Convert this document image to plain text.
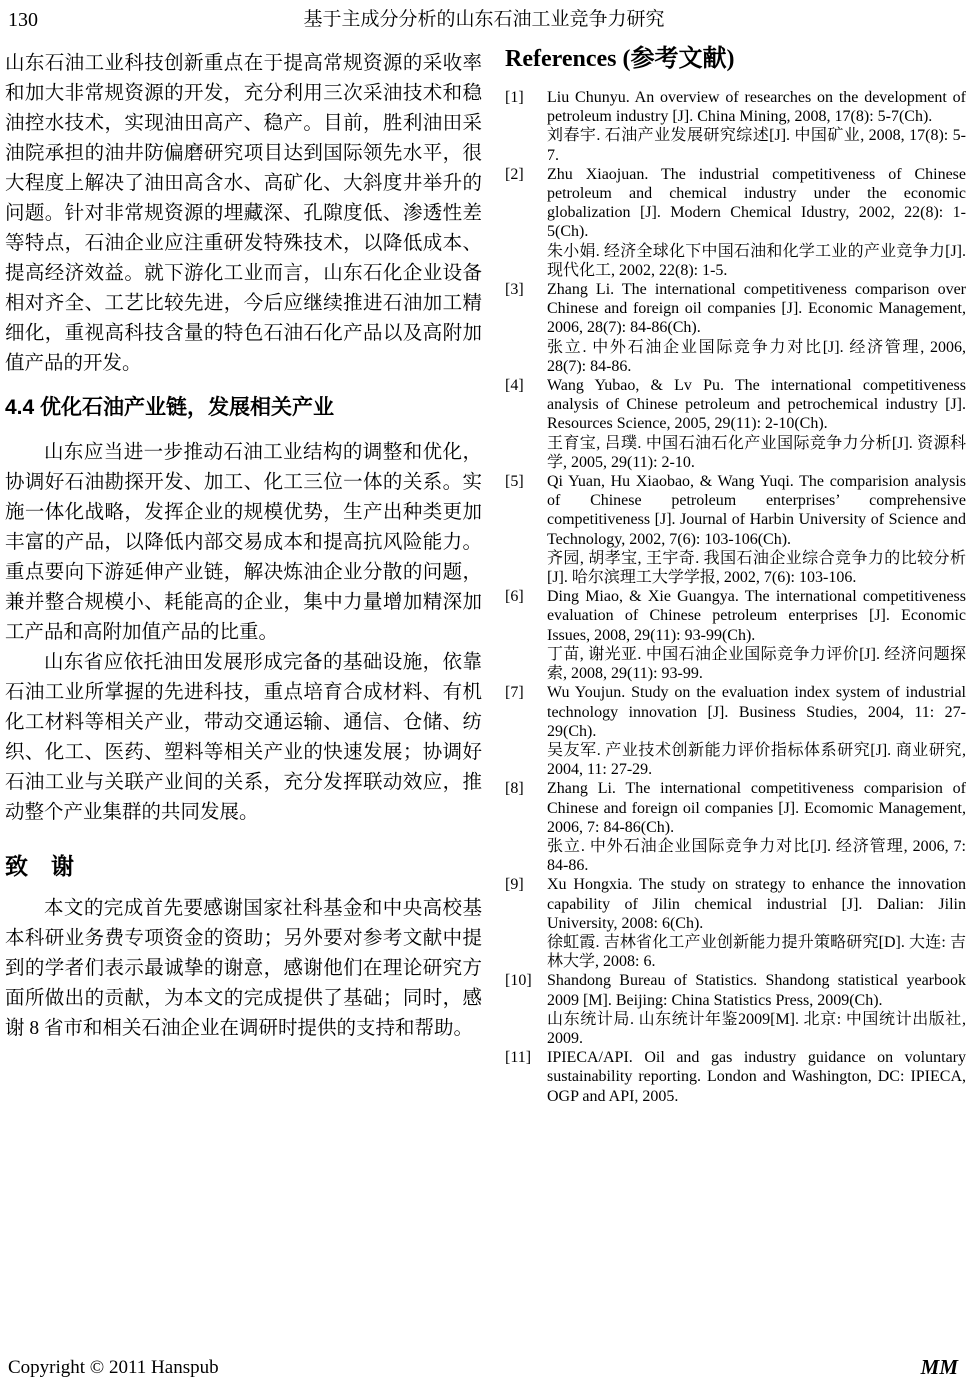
130	基于主成分分析的山东石油工业竞争力研究

山东石油工业科技创新重点在于提高常规资源的采收率和加大非常规资源的开发，充分利用三次采油技术和稳油控水技术，实现油田高产、稳产。目前，胜利油田采油院承担的油井防偏磨研究项目达到国际领先水平，很大程度上解决了油田高含水、高矿化、大斜度井举升的问题。针对非常规资源的埋藏深、孔隙度低、渗透性差等特点，石油企业应注重研发特殊技术，以降低成本、提高经济效益。就下游化工业而言，山东石化企业设备相对齐全、工艺比较先进，今后应继续推进石油加工精细化，重视高科技含量的特色石油石化产品以及高附加值产品的开发。

4.4 优化石油产业链，发展相关产业

山东应当进一步推动石油工业结构的调整和优化，协调好石油勘探开发、加工、化工三位一体的关系。实施一体化战略，发挥企业的规模优势，生产出种类更加丰富的产品，以降低内部交易成本和提高抗风险能力。重点要向下游延伸产业链，解决炼油企业分散的问题，兼并整合规模小、耗能高的企业，集中力量增加精深加工产品和高附加值产品的比重。

山东省应依托油田发展形成完备的基础设施，依靠石油工业所掌握的先进科技，重点培育合成材料、有机化工材料等相关产业，带动交通运输、通信、仓储、纺织、化工、医药、塑料等相关产业的快速发展；协调好石油工业与关联产业间的关系，充分发挥联动效应，推动整个产业集群的共同发展。

致　谢

本文的完成首先要感谢国家社科基金和中央高校基本科研业务费专项资金的资助；另外要对参考文献中提到的学者们表示最诚挚的谢意，感谢他们在理论研究方面所做出的贡献，为本文的完成提供了基础；同时，感谢 8 省市和相关石油企业在调研时提供的支持和帮助。

References (参考文献)
[1]	Liu Chunyu. An overview of researches on the development of petroleum industry [J]. China Mining, 2008, 17(8): 5-7(Ch).
刘春宇. 石油产业发展研究综述[J]. 中国矿业, 2008, 17(8): 5-7.
[2]	Zhu Xiaojuan. The industrial competitiveness of Chinese petroleum and chemical industry under the economic globalization [J]. Modern Chemical Idustry, 2002, 22(8): 1-5(Ch).
朱小娟. 经济全球化下中国石油和化学工业的产业竞争力[J]. 现代化工, 2002, 22(8): 1-5.
[3]	Zhang Li. The international competitiveness comparison over Chinese and foreign oil companies [J]. Economic Management, 2006, 28(7): 84-86(Ch).
张立. 中外石油企业国际竞争力对比[J]. 经济管理, 2006, 28(7): 84-86.
[4]	Wang Yubao, & Lv Pu. The international competitiveness analysis of Chinese petroleum and petrochemical industry [J]. Resources Science, 2005, 29(11): 2-10(Ch).
王育宝, 吕璞. 中国石油石化产业国际竞争力分析[J]. 资源科学, 2005, 29(11): 2-10.
[5]	Qi Yuan, Hu Xiaobao, & Wang Yuqi. The comparision analysis of Chinese petroleum enterprises’ comprehensive competitiveness [J]. Journal of Harbin University of Science and Technology, 2002, 7(6): 103-106(Ch).
齐园, 胡孝宝, 王宇奇. 我国石油企业综合竞争力的比较分析[J]. 哈尔滨理工大学学报, 2002, 7(6): 103-106.
[6]	Ding Miao, & Xie Guangya. The international competitiveness evaluation of Chinese petroleum enterprises [J]. Economic Issues, 2008, 29(11): 93-99(Ch).
丁苗, 谢光亚. 中国石油企业国际竞争力评价[J]. 经济问题探索, 2008, 29(11): 93-99.
[7]	Wu Youjun. Study on the evaluation index system of industrial technology innovation [J]. Business Studies, 2004, 11: 27-29(Ch).
吴友军. 产业技术创新能力评价指标体系研究[J]. 商业研究, 2004, 11: 27-29.
[8]	Zhang Li. The international competitiveness comparision of Chinese and foreign oil companies [J]. Ecomomic Management, 2006, 7: 84-86(Ch).
张立. 中外石油企业国际竞争力对比[J]. 经济管理, 2006, 7: 84-86.
[9]	Xu Hongxia. The study on strategy to enhance the innovation capability of Jilin chemical industrial [J]. Dalian: Jilin University, 2008: 6(Ch).
徐虹霞. 吉林省化工产业创新能力提升策略研究[D]. 大连: 吉林大学, 2008: 6.
[10] Shandong Bureau of Statistics. Shandong statistical yearbook 2009 [M]. Beijing: China Statistics Press, 2009(Ch).
山东统计局. 山东统计年鉴2009[M]. 北京: 中国统计出版社, 2009.
[11] IPIECA/API. Oil and gas industry guidance on voluntary sustainability reporting. London and Washington, DC: IPIECA, OGP and API, 2005.
Copyright © 2011 Hanspub	MM
